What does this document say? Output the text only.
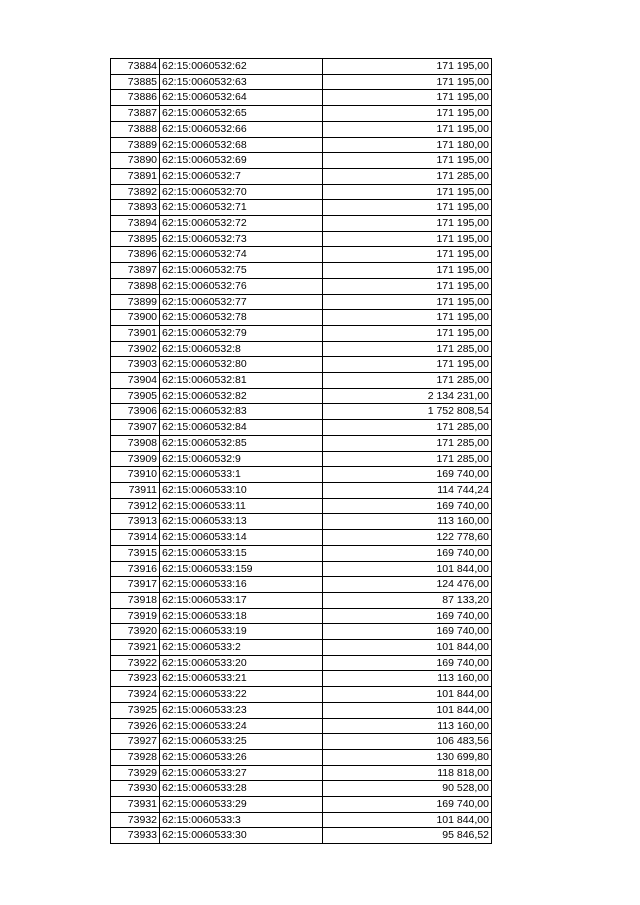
73884	62:15:0060532:62	171 195,00
73885	62:15:0060532:63	171 195,00
73886	62:15:0060532:64	171 195,00
73887	62:15:0060532:65	171 195,00
73888	62:15:0060532:66	171 195,00
73889	62:15:0060532:68	171 180,00
73890	62:15:0060532:69	171 195,00
73891	62:15:0060532:7	171 285,00
73892	62:15:0060532:70	171 195,00
73893	62:15:0060532:71	171 195,00
73894	62:15:0060532:72	171 195,00
73895	62:15:0060532:73	171 195,00
73896	62:15:0060532:74	171 195,00
73897	62:15:0060532:75	171 195,00
73898	62:15:0060532:76	171 195,00
73899	62:15:0060532:77	171 195,00
73900	62:15:0060532:78	171 195,00
73901	62:15:0060532:79	171 195,00
73902	62:15:0060532:8	171 285,00
73903	62:15:0060532:80	171 195,00
73904	62:15:0060532:81	171 285,00
73905	62:15:0060532:82	2 134 231,00
73906	62:15:0060532:83	1 752 808,54
73907	62:15:0060532:84	171 285,00
73908	62:15:0060532:85	171 285,00
73909	62:15:0060532:9	171 285,00
73910	62:15:0060533:1	169 740,00
73911	62:15:0060533:10	114 744,24
73912	62:15:0060533:11	169 740,00
73913	62:15:0060533:13	113 160,00
73914	62:15:0060533:14	122 778,60
73915	62:15:0060533:15	169 740,00
73916	62:15:0060533:159	101 844,00
73917	62:15:0060533:16	124 476,00
73918	62:15:0060533:17	87 133,20
73919	62:15:0060533:18	169 740,00
73920	62:15:0060533:19	169 740,00
73921	62:15:0060533:2	101 844,00
73922	62:15:0060533:20	169 740,00
73923	62:15:0060533:21	113 160,00
73924	62:15:0060533:22	101 844,00
73925	62:15:0060533:23	101 844,00
73926	62:15:0060533:24	113 160,00
73927	62:15:0060533:25	106 483,56
73928	62:15:0060533:26	130 699,80
73929	62:15:0060533:27	118 818,00
73930	62:15:0060533:28	90 528,00
73931	62:15:0060533:29	169 740,00
73932	62:15:0060533:3	101 844,00
73933	62:15:0060533:30	95 846,52
